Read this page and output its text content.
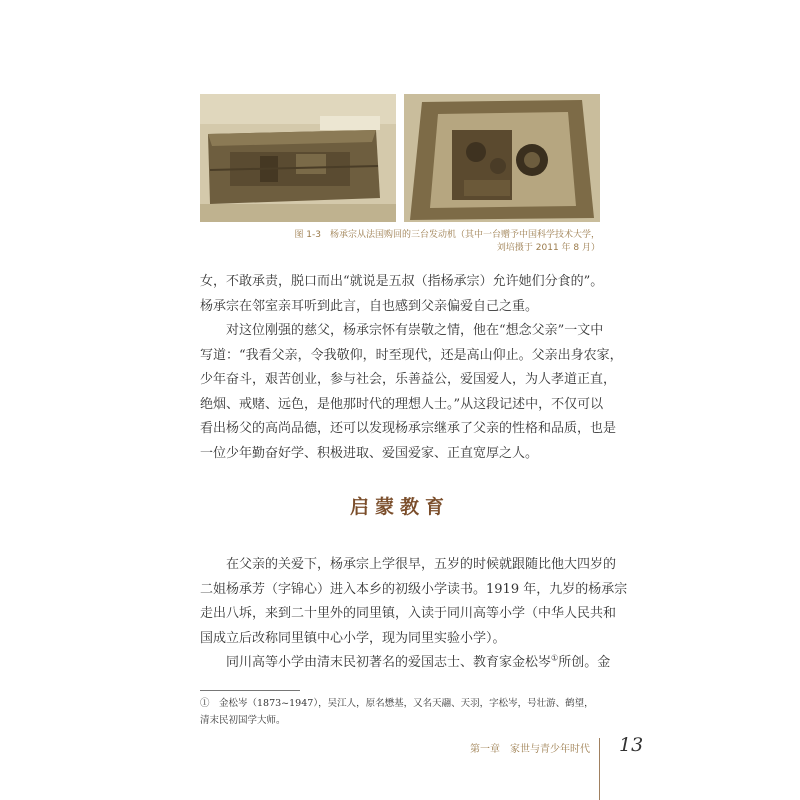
图 1-3　杨承宗从法国购回的三台发动机（其中一台赠予中国科学技术大学，
刘培摄于 2011 年 8 月）

女，不敢承责，脱口而出“就说是五叔（指杨承宗）允许她们分食的”。
杨承宗在邻室亲耳听到此言，自也感到父亲偏爱自己之重。

　　对这位刚强的慈父，杨承宗怀有崇敬之情，他在“想念父亲”一文中
写道：“我看父亲，令我敬仰，时至现代，还是高山仰止。父亲出身农家，
少年奋斗，艰苦创业，参与社会，乐善益公，爱国爱人，为人孝道正直，
绝烟、戒赌、远色，是他那时代的理想人士。”从这段记述中，不仅可以
看出杨父的高尚品德，还可以发现杨承宗继承了父亲的性格和品质，也是
一位少年勤奋好学、积极进取、爱国爱家、正直宽厚之人。

启蒙教育

　　在父亲的关爱下，杨承宗上学很早，五岁的时候就跟随比他大四岁的
二姐杨承芳（字锦心）进入本乡的初级小学读书。1919 年，九岁的杨承宗
走出八坼，来到二十里外的同里镇，入读于同川高等小学（中华人民共和
国成立后改称同里镇中心小学，现为同里实验小学）。

　　同川高等小学由清末民初著名的爱国志士、教育家金松岑①所创。金

①　金松岑（1873~1947），吴江人，原名懋基，又名天翮、天羽，字松岑，号壮游、鹤望，
清末民初国学大师。

第一章　家世与青少年时代 13
